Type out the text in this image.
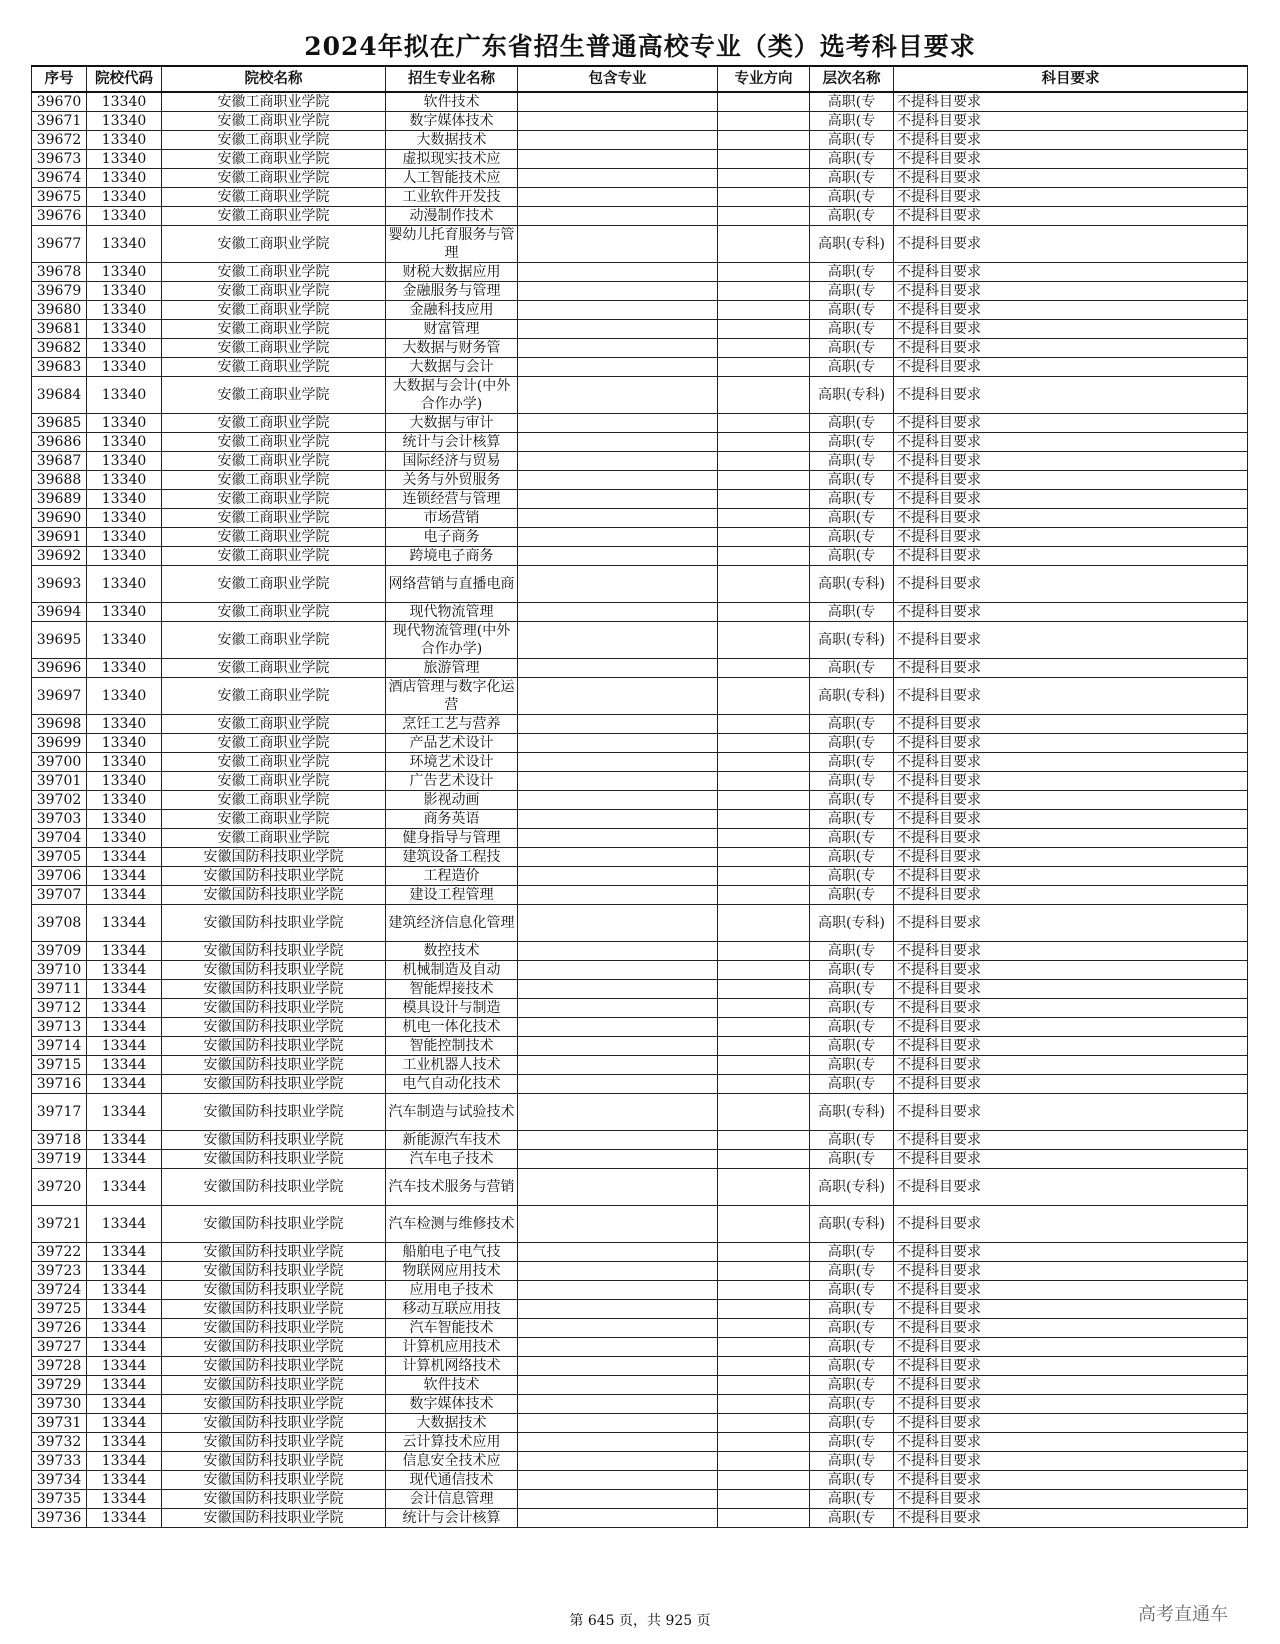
2024年拟在广东省招生普通高校专业（类）选考科目要求
序号	院校代码	院校名称	招生专业名称	包含专业	专业方向	层次名称	科目要求
39670	13340	安徽工商职业学院	软件技术			高职(专	不提科目要求
39671	13340	安徽工商职业学院	数字媒体技术			高职(专	不提科目要求
39672	13340	安徽工商职业学院	大数据技术			高职(专	不提科目要求
39673	13340	安徽工商职业学院	虚拟现实技术应			高职(专	不提科目要求
39674	13340	安徽工商职业学院	人工智能技术应			高职(专	不提科目要求
39675	13340	安徽工商职业学院	工业软件开发技			高职(专	不提科目要求
39676	13340	安徽工商职业学院	动漫制作技术			高职(专	不提科目要求
39677	13340	安徽工商职业学院	婴幼儿托育服务与管理			高职(专科)	不提科目要求
39678	13340	安徽工商职业学院	财税大数据应用			高职(专	不提科目要求
39679	13340	安徽工商职业学院	金融服务与管理			高职(专	不提科目要求
39680	13340	安徽工商职业学院	金融科技应用			高职(专	不提科目要求
39681	13340	安徽工商职业学院	财富管理			高职(专	不提科目要求
39682	13340	安徽工商职业学院	大数据与财务管			高职(专	不提科目要求
39683	13340	安徽工商职业学院	大数据与会计			高职(专	不提科目要求
39684	13340	安徽工商职业学院	大数据与会计(中外合作办学)			高职(专科)	不提科目要求
39685	13340	安徽工商职业学院	大数据与审计			高职(专	不提科目要求
39686	13340	安徽工商职业学院	统计与会计核算			高职(专	不提科目要求
39687	13340	安徽工商职业学院	国际经济与贸易			高职(专	不提科目要求
39688	13340	安徽工商职业学院	关务与外贸服务			高职(专	不提科目要求
39689	13340	安徽工商职业学院	连锁经营与管理			高职(专	不提科目要求
39690	13340	安徽工商职业学院	市场营销			高职(专	不提科目要求
39691	13340	安徽工商职业学院	电子商务			高职(专	不提科目要求
39692	13340	安徽工商职业学院	跨境电子商务			高职(专	不提科目要求
39693	13340	安徽工商职业学院	网络营销与直播电商			高职(专科)	不提科目要求
39694	13340	安徽工商职业学院	现代物流管理			高职(专	不提科目要求
39695	13340	安徽工商职业学院	现代物流管理(中外合作办学)			高职(专科)	不提科目要求
39696	13340	安徽工商职业学院	旅游管理			高职(专	不提科目要求
39697	13340	安徽工商职业学院	酒店管理与数字化运营			高职(专科)	不提科目要求
39698	13340	安徽工商职业学院	烹饪工艺与营养			高职(专	不提科目要求
39699	13340	安徽工商职业学院	产品艺术设计			高职(专	不提科目要求
39700	13340	安徽工商职业学院	环境艺术设计			高职(专	不提科目要求
39701	13340	安徽工商职业学院	广告艺术设计			高职(专	不提科目要求
39702	13340	安徽工商职业学院	影视动画			高职(专	不提科目要求
39703	13340	安徽工商职业学院	商务英语			高职(专	不提科目要求
39704	13340	安徽工商职业学院	健身指导与管理			高职(专	不提科目要求
39705	13344	安徽国防科技职业学院	建筑设备工程技			高职(专	不提科目要求
39706	13344	安徽国防科技职业学院	工程造价			高职(专	不提科目要求
39707	13344	安徽国防科技职业学院	建设工程管理			高职(专	不提科目要求
39708	13344	安徽国防科技职业学院	建筑经济信息化管理			高职(专科)	不提科目要求
39709	13344	安徽国防科技职业学院	数控技术			高职(专	不提科目要求
39710	13344	安徽国防科技职业学院	机械制造及自动			高职(专	不提科目要求
39711	13344	安徽国防科技职业学院	智能焊接技术			高职(专	不提科目要求
39712	13344	安徽国防科技职业学院	模具设计与制造			高职(专	不提科目要求
39713	13344	安徽国防科技职业学院	机电一体化技术			高职(专	不提科目要求
39714	13344	安徽国防科技职业学院	智能控制技术			高职(专	不提科目要求
39715	13344	安徽国防科技职业学院	工业机器人技术			高职(专	不提科目要求
39716	13344	安徽国防科技职业学院	电气自动化技术			高职(专	不提科目要求
39717	13344	安徽国防科技职业学院	汽车制造与试验技术			高职(专科)	不提科目要求
39718	13344	安徽国防科技职业学院	新能源汽车技术			高职(专	不提科目要求
39719	13344	安徽国防科技职业学院	汽车电子技术			高职(专	不提科目要求
39720	13344	安徽国防科技职业学院	汽车技术服务与营销			高职(专科)	不提科目要求
39721	13344	安徽国防科技职业学院	汽车检测与维修技术			高职(专科)	不提科目要求
39722	13344	安徽国防科技职业学院	船舶电子电气技			高职(专	不提科目要求
39723	13344	安徽国防科技职业学院	物联网应用技术			高职(专	不提科目要求
39724	13344	安徽国防科技职业学院	应用电子技术			高职(专	不提科目要求
39725	13344	安徽国防科技职业学院	移动互联应用技			高职(专	不提科目要求
39726	13344	安徽国防科技职业学院	汽车智能技术			高职(专	不提科目要求
39727	13344	安徽国防科技职业学院	计算机应用技术			高职(专	不提科目要求
39728	13344	安徽国防科技职业学院	计算机网络技术			高职(专	不提科目要求
39729	13344	安徽国防科技职业学院	软件技术			高职(专	不提科目要求
39730	13344	安徽国防科技职业学院	数字媒体技术			高职(专	不提科目要求
39731	13344	安徽国防科技职业学院	大数据技术			高职(专	不提科目要求
39732	13344	安徽国防科技职业学院	云计算技术应用			高职(专	不提科目要求
39733	13344	安徽国防科技职业学院	信息安全技术应			高职(专	不提科目要求
39734	13344	安徽国防科技职业学院	现代通信技术			高职(专	不提科目要求
39735	13344	安徽国防科技职业学院	会计信息管理			高职(专	不提科目要求
39736	13344	安徽国防科技职业学院	统计与会计核算			高职(专	不提科目要求
第 645 页，共 925 页	高考直通车
